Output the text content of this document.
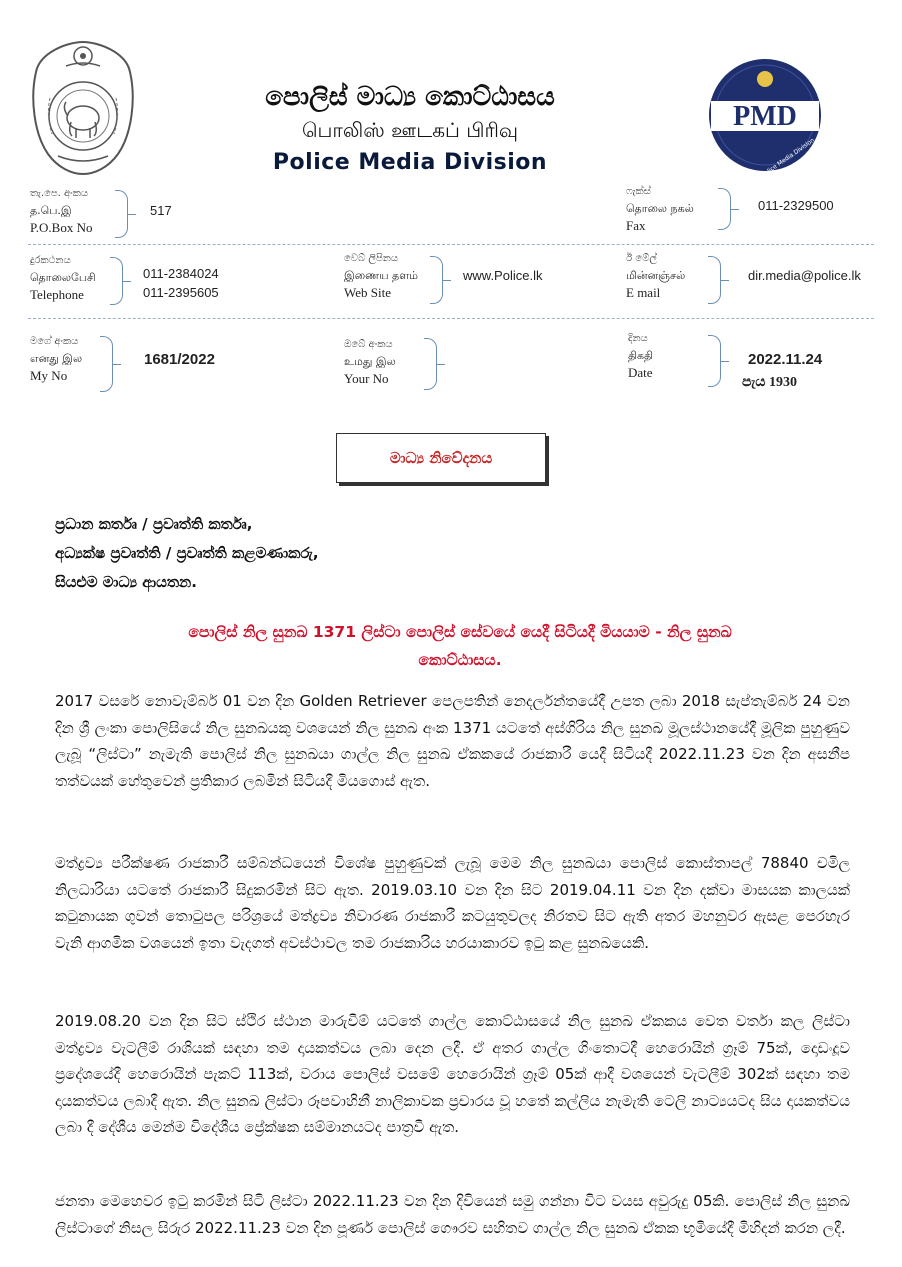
පොලිස් මාධ්‍ය කොට්ඨාසය
பொலிஸ் ஊடகப் பிரிவு
Police Media Division
PMD
Police Media Division
තැ.පෙ. අංකය
த.பெ.இ
P.O.Box No
517
ෆැක්ස්
தொலை நகல்
Fax
011-2329500
දුරකථනය
தொலைபேசி
Telephone
011-2384024
011-2395605
වෙබ් ලිපිනය
இணைய தளம்
Web Site
www.Police.lk
ඊ මේල්
மின்னஞ்சல்
E mail
dir.media@police.lk
මගේ අංකය
எனது இல
My No
1681/2022
ඔබේ අංකය
உமது இல
Your No
දිනය
திகதி
Date
2022.11.24
පැය 1930
මාධ්‍ය නිවේදනය
ප්‍රධාන කර්තෘ / ප්‍රවෘත්ති කර්තෘ,
අධ්‍යක්ෂ ප්‍රවෘත්ති / ප්‍රවෘත්ති කළමණාකරු,
සියළුම මාධ්‍ය ආයතන.
පොලිස් නිල සුනඛ 1371 ලිස්ටා පොලිස් සේවයේ යෙදී සිටියදී මියයාම - නිල සුනඛ
කොට්ඨාසය.
2017 වසරේ නොවැම්බර් 01 වන දින Golden Retriever පෙලපතින් නෙදර්ලන්තයේදී උපත ලබා 2018 සැප්තැම්බර් 24 වන දින ශ්‍රී ලංකා පොලිසියේ නිල සුනඛයකු වශයෙන් නිල සුනඛ අංක 1371 යටතේ අස්ගිරිය නිල සුනඛ මූලස්ථානයේදී මූලික පුහුණුව ලැබූ “ලිස්ටා” නැමැති පොලිස් නිල සුනඛයා ගාල්ල නිල සුනඛ ඒකකයේ රාජකාරී යෙදී සිටියදී 2022.11.23 වන දින අසනීප තත්වයක් හේතුවෙන් ප්‍රතිකාර ලබමින් සිටියදී මියගොස් ඇත.
මත්ද්‍රව්‍ය පරීක්ෂණ රාජකාරී සම්බන්ධයෙන් විශේෂ පුහුණුවක් ලැබූ මෙම නිල සුනඛයා පොලිස් කොස්තාපල් 78840 චමිල නිලධාරියා යටතේ රාජකාරී සිදුකරමින් සිට ඇත. 2019.03.10 වන දින සිට 2019.04.11 වන දින දක්වා මාසයක කාලයක් කටුනායක ගුවන් තොටුපල පරිශ්‍රයේ මත්ද්‍රව්‍ය නිවාරණ රාජකාරී කටයුතුවලද නිරතව සිට ඇති අතර මහනුවර ඇසළ පෙරහැර වැනි ආගමික වශයෙන් ඉතා වැදගත් අවස්ථාවල තම රාජකාරිය හරයාකාරව ඉටු කළ සුනඛයෙකි.
2019.08.20 වන දින සිට ස්ථිර ස්ථාන මාරුවීම් යටතේ ගාල්ල කොට්ඨාසයේ නිල සුනඛ ඒකකය වෙත වර්තා කල ලිස්ටා මත්ද්‍රව්‍ය වැටලීම් රාශියක් සඳහා තම දායකත්වය ලබා දෙන ලදී. ඒ අතර ගාල්ල ගිංතොටදී හෙරොයින් ග්‍රෑම් 75ක්, දොඩංදූව ප්‍රදේශයේදී හෙරොයින් පැකට් 113ක්, වරාය පොලිස් වසමේ හෙරොයින් ග්‍රෑම් 05ක් ආදී වශයෙන් වැටලීම් 302ක් සඳහා තම දායකත්වය ලබාදී ඇත. නිල සුනඛ ලිස්ටා රූපවාහිනී නාලිකාවක ප්‍රචාරය වූ හතේ කල්ලිය නැමැති ටෙලි නාට්‍යයටද සිය දායකත්වය ලබා දී දේශීය මෙන්ම විදේශීය ප්‍රේක්ෂක සම්මානයටද පාත්‍රවී ඇත.
ජනතා මෙහෙවර ඉටු කරමින් සිටි ලිස්ටා 2022.11.23 වන දින දිවියෙන් සමු ගන්නා විට වයස අවුරුදු 05කි. පොලිස් නිල සුනඛ ලිස්ටාගේ නිසල සිරුර 2022.11.23 වන දින පූර්ණ පොලිස් ගෞරව සහිතව ගාල්ල නිල සුනඛ ඒකක භූමියේදී මිහිදන් කරන ලදී.
